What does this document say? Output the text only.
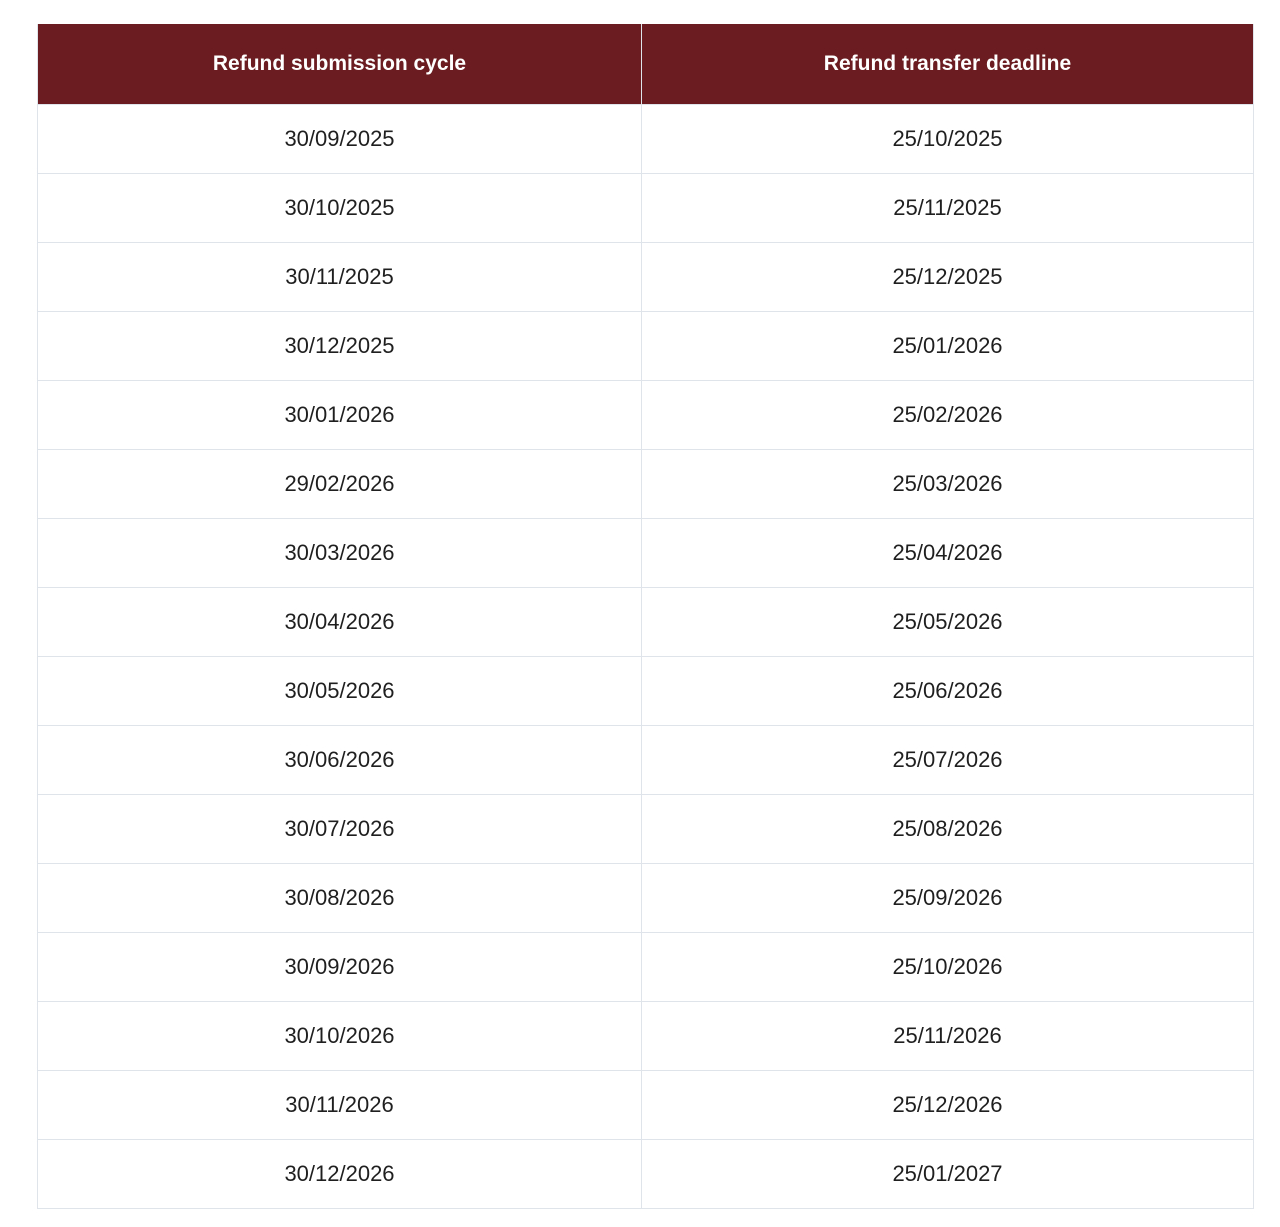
Refund submission cycle	Refund transfer deadline
30/09/2025	25/10/2025
30/10/2025	25/11/2025
30/11/2025	25/12/2025
30/12/2025	25/01/2026
30/01/2026	25/02/2026
29/02/2026	25/03/2026
30/03/2026	25/04/2026
30/04/2026	25/05/2026
30/05/2026	25/06/2026
30/06/2026	25/07/2026
30/07/2026	25/08/2026
30/08/2026	25/09/2026
30/09/2026	25/10/2026
30/10/2026	25/11/2026
30/11/2026	25/12/2026
30/12/2026	25/01/2027
